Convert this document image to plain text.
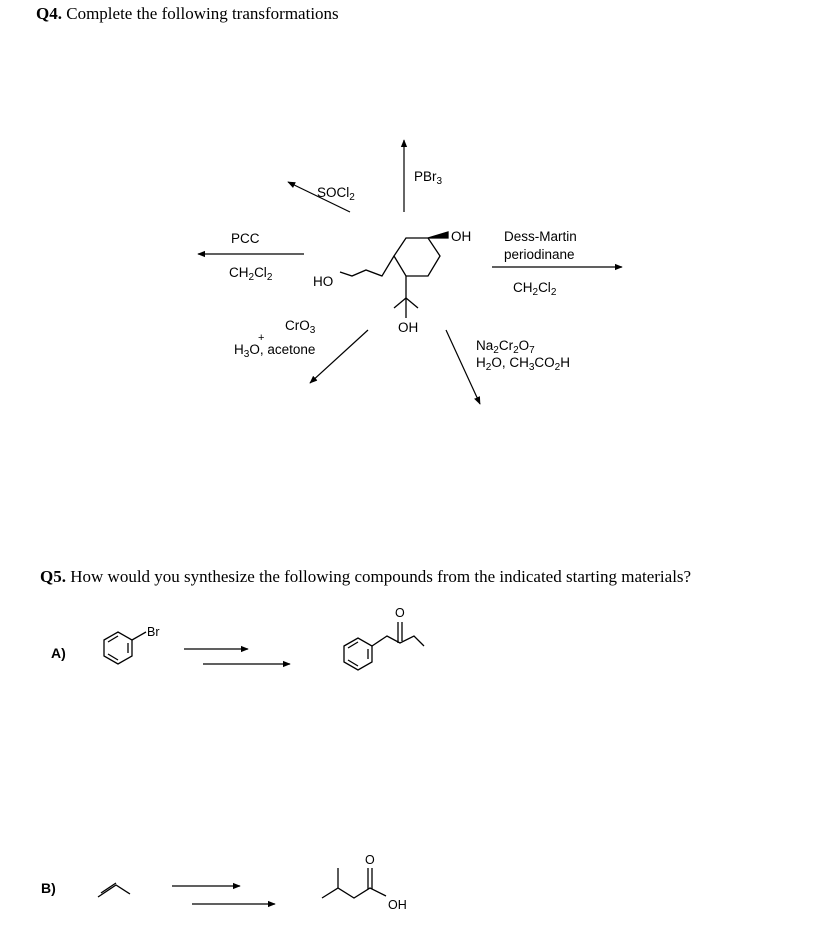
Q4. Complete the following transformations
Q5. How would you synthesize the following compounds from the indicated starting materials?
SOCl$_2$
PBr$_3$
PCC
$CH_2Cl_2$	HO
OH
OH
Dess-Martin
periodinane
$CH_2Cl_2$
CrO$_3$
+
$H_3O$, acetone	$Na_2Cr_2O_7$
$H_2O$, $CH_3CO_2H$
A)
Br
O
B)
O
OH
